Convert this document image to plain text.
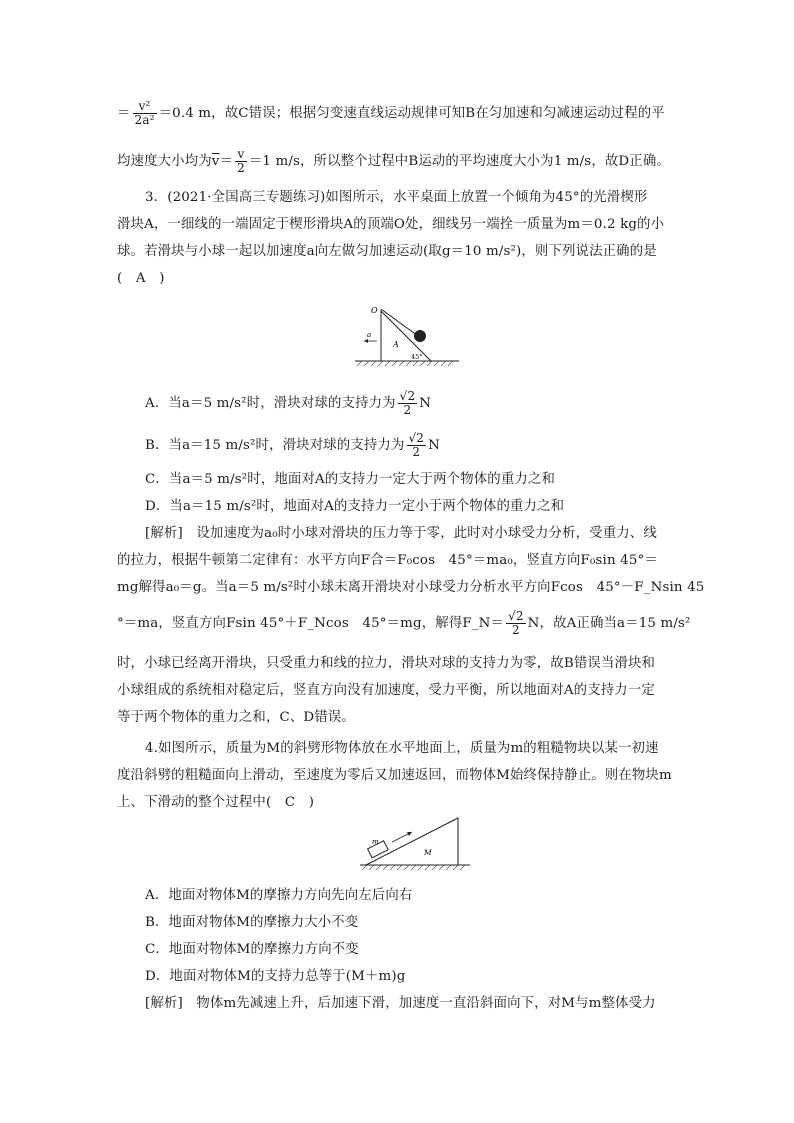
＝ $\frac{\text{v²}}{\text{2a²}} =0.4$ m，故C错误；根据匀变速直线运动规律可知B在匀加速和匀减速运动过程的平
均速度大小均为$\overline{v}= \frac{v}{2} =1$ m/s，所以整个过程中B运动的平均速度大小为1 m/s，故D正确。
3．(2021·全国高三专题练习)如图所示，水平桌面上放置一个倾角为45°的光滑楔形
滑块A，一细线的一端固定于楔形滑块A的顶端O处，细线另一端拴一质量为m＝0.2 kg的小
球。若滑块与小球一起以加速度a向左做匀加速运动(取g＝10 m/s²)，则下列说法正确的是
(　A　)
O
a
A
45°
A．当a＝5 m/s²时，滑块对球的支持力为 $\frac{√2}{2}$ N
B．当a＝15 m/s²时，滑块对球的支持力为 $\frac{√2}{2}$ N
C．当a＝5 m/s²时，地面对A的支持力一定大于两个物体的重力之和
D．当a＝15 m/s²时，地面对A的支持力一定小于两个物体的重力之和
[解析]　设加速度为a₀时小球对滑块的压力等于零，此时对小球受力分析，受重力、线
的拉力，根据牛顿第二定律有：水平方向F合＝F₀cos　45°＝ma₀，竖直方向F₀sin 45°＝
mg解得a₀＝g。当a＝5 m/s²时小球未离开滑块对小球受力分析水平方向Fcos　45°－F_Nsin 45
°＝ma，竖直方向Fsin 45°＋F_Ncos　45°＝mg，解得F_N＝ $\frac{√2}{2}$ N，故A正确当a＝15 m/s²
时，小球已经离开滑块，只受重力和线的拉力，滑块对球的支持力为零，故B错误当滑块和
小球组成的系统相对稳定后，竖直方向没有加速度，受力平衡，所以地面对A的支持力一定
等于两个物体的重力之和，C、D错误。
4.如图所示，质量为M的斜劈形物体放在水平地面上，质量为m的粗糙物块以某一初速
度沿斜劈的粗糙面向上滑动，至速度为零后又加速返回，而物体M始终保持静止。则在物块m
上、下滑动的整个过程中(　C　)
m
M
A．地面对物体M的摩擦力方向先向左后向右
B．地面对物体M的摩擦力大小不变
C．地面对物体M的摩擦力方向不变
D．地面对物体M的支持力总等于(M＋m)g
[解析]　物体m先减速上升，后加速下滑，加速度一直沿斜面向下，对M与m整体受力
